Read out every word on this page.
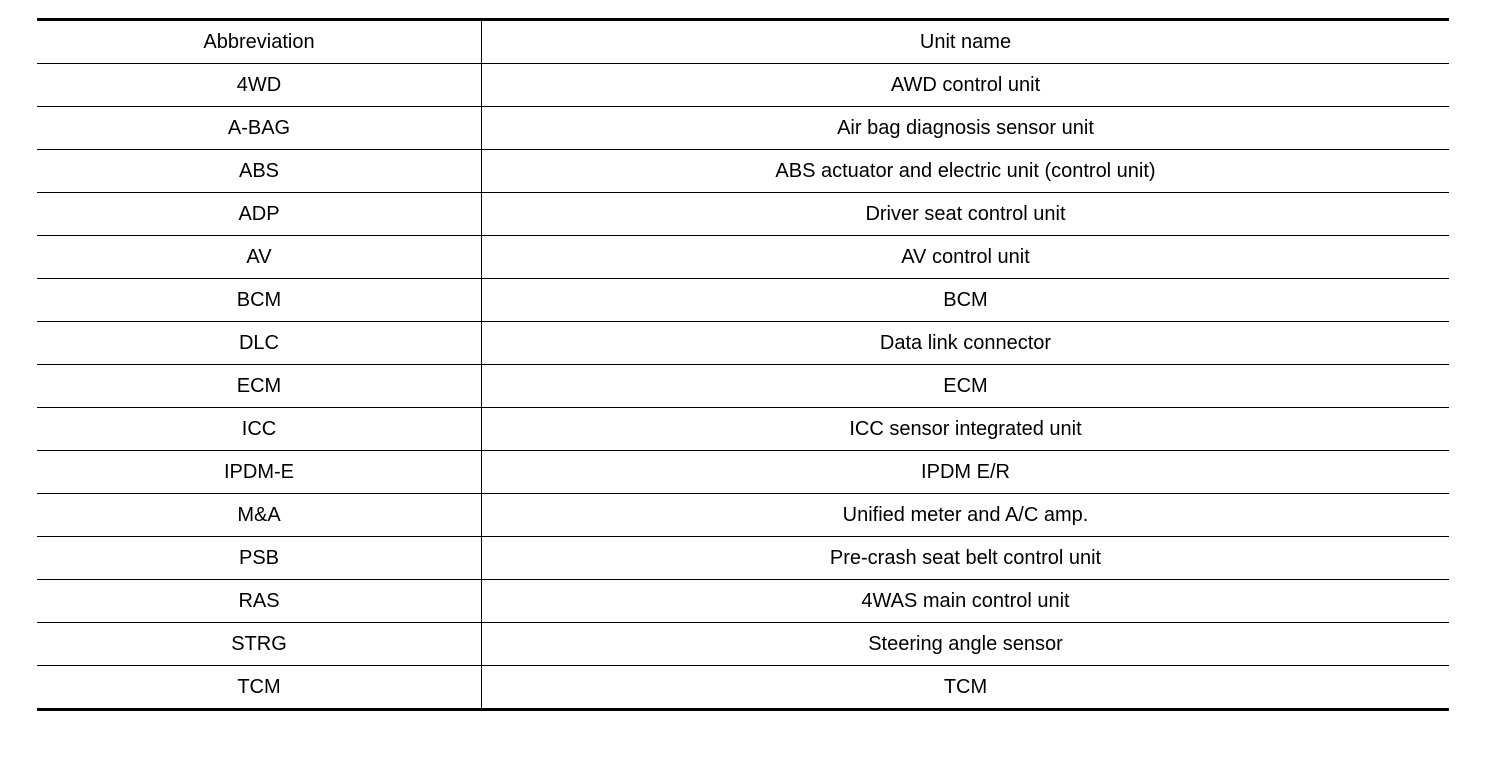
Abbreviation	Unit name
4WD	AWD control unit
A-BAG	Air bag diagnosis sensor unit
ABS	ABS actuator and electric unit (control unit)
ADP	Driver seat control unit
AV	AV control unit
BCM	BCM
DLC	Data link connector
ECM	ECM
ICC	ICC sensor integrated unit
IPDM-E	IPDM E/R
M&A	Unified meter and A/C amp.
PSB	Pre-crash seat belt control unit
RAS	4WAS main control unit
STRG	Steering angle sensor
TCM	TCM
